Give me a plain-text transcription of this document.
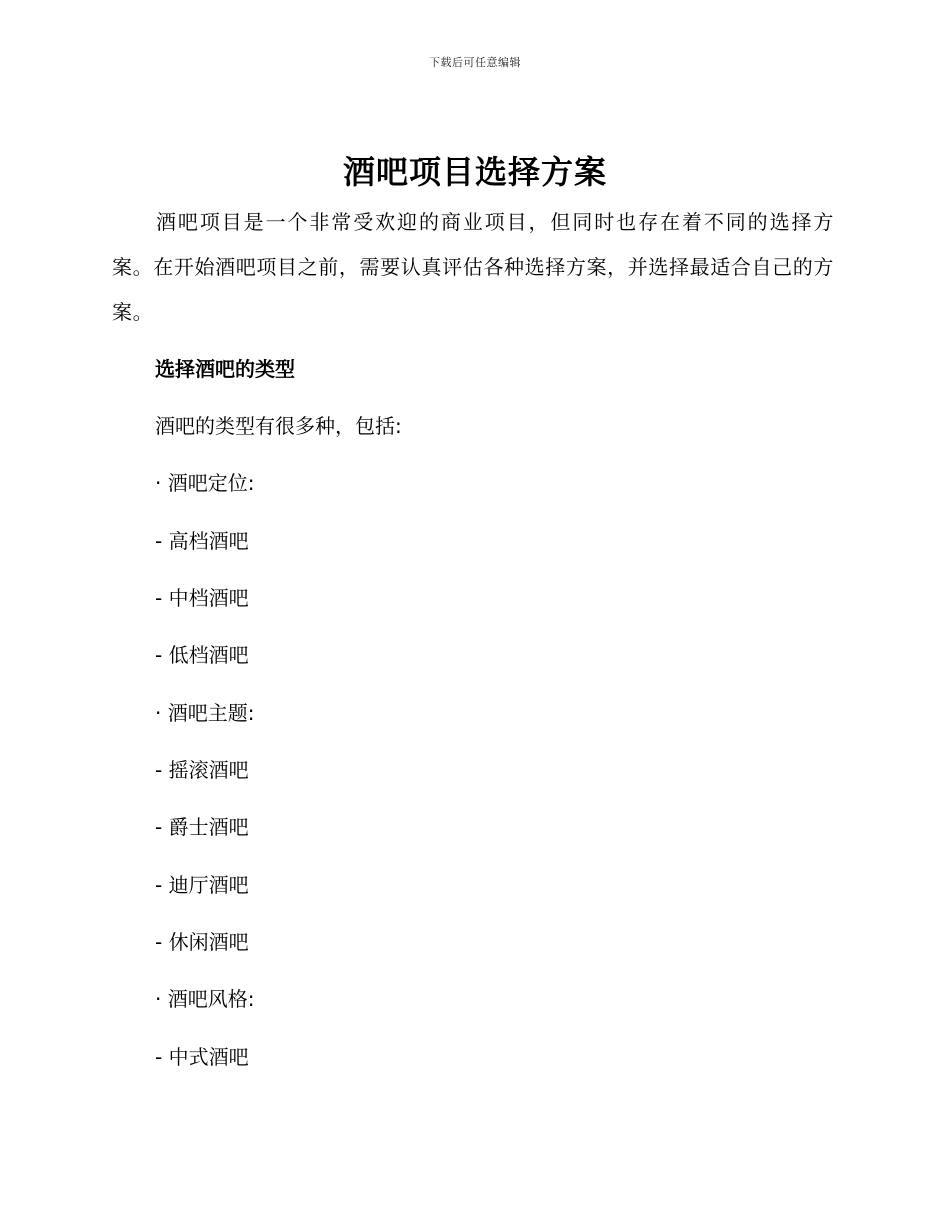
下载后可任意编辑
酒吧项目选择方案

酒吧项目是一个非常受欢迎的商业项目，但同时也存在着不同的选择方案。在开始酒吧项目之前，需要认真评估各种选择方案，并选择最适合自己的方案。

选择酒吧的类型
酒吧的类型有很多种，包括:
· 酒吧定位:
- 高档酒吧
- 中档酒吧
- 低档酒吧
· 酒吧主题:
- 摇滚酒吧
- 爵士酒吧
- 迪厅酒吧
- 休闲酒吧
· 酒吧风格:
- 中式酒吧
